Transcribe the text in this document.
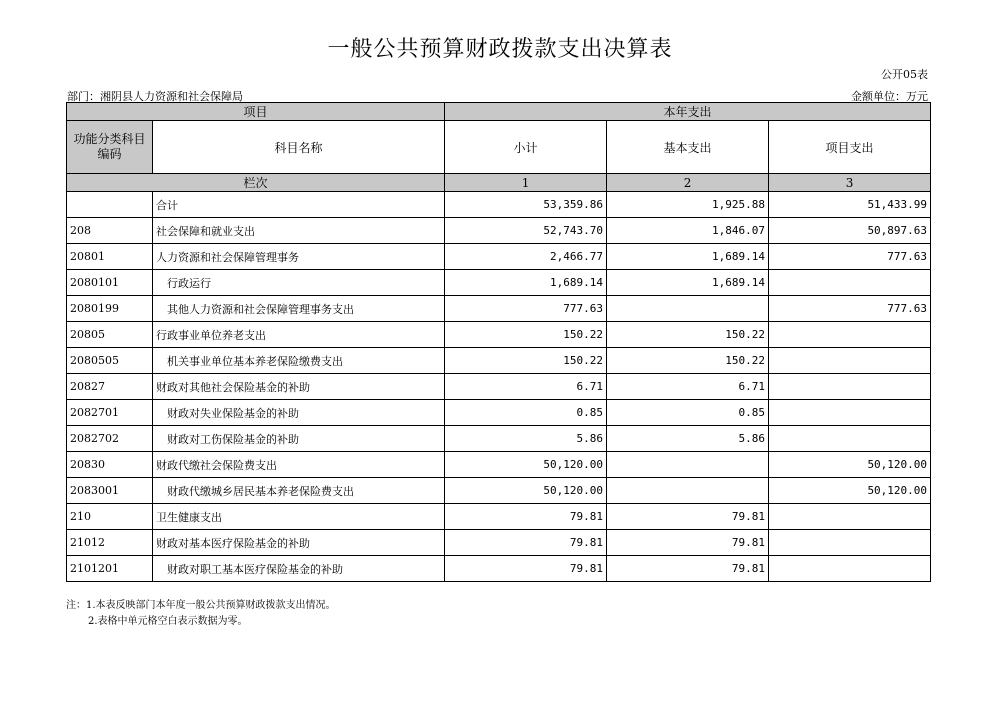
一般公共预算财政拨款支出决算表
公开05表
部门：湘阴县人力资源和社会保障局	金额单位：万元
项目		本年支出		
功能分类科目编码	科目名称	小计	基本支出	项目支出
栏次		1	2	3
	合计	53,359.86	1,925.88	51,433.99
208	社会保障和就业支出	52,743.70	1,846.07	50,897.63
20801	人力资源和社会保障管理事务	2,466.77	1,689.14	777.63
2080101	行政运行	1,689.14	1,689.14	
2080199	其他人力资源和社会保障管理事务支出	777.63		777.63
20805	行政事业单位养老支出	150.22	150.22	
2080505	机关事业单位基本养老保险缴费支出	150.22	150.22	
20827	财政对其他社会保险基金的补助	6.71	6.71	
2082701	财政对失业保险基金的补助	0.85	0.85	
2082702	财政对工伤保险基金的补助	5.86	5.86	
20830	财政代缴社会保险费支出	50,120.00		50,120.00
2083001	财政代缴城乡居民基本养老保险费支出	50,120.00		50,120.00
210	卫生健康支出	79.81	79.81	
21012	财政对基本医疗保险基金的补助	79.81	79.81	
2101201	财政对职工基本医疗保险基金的补助	79.81	79.81	
注：1.本表反映部门本年度一般公共预算财政拨款支出情况。
2.表格中单元格空白表示数据为零。
